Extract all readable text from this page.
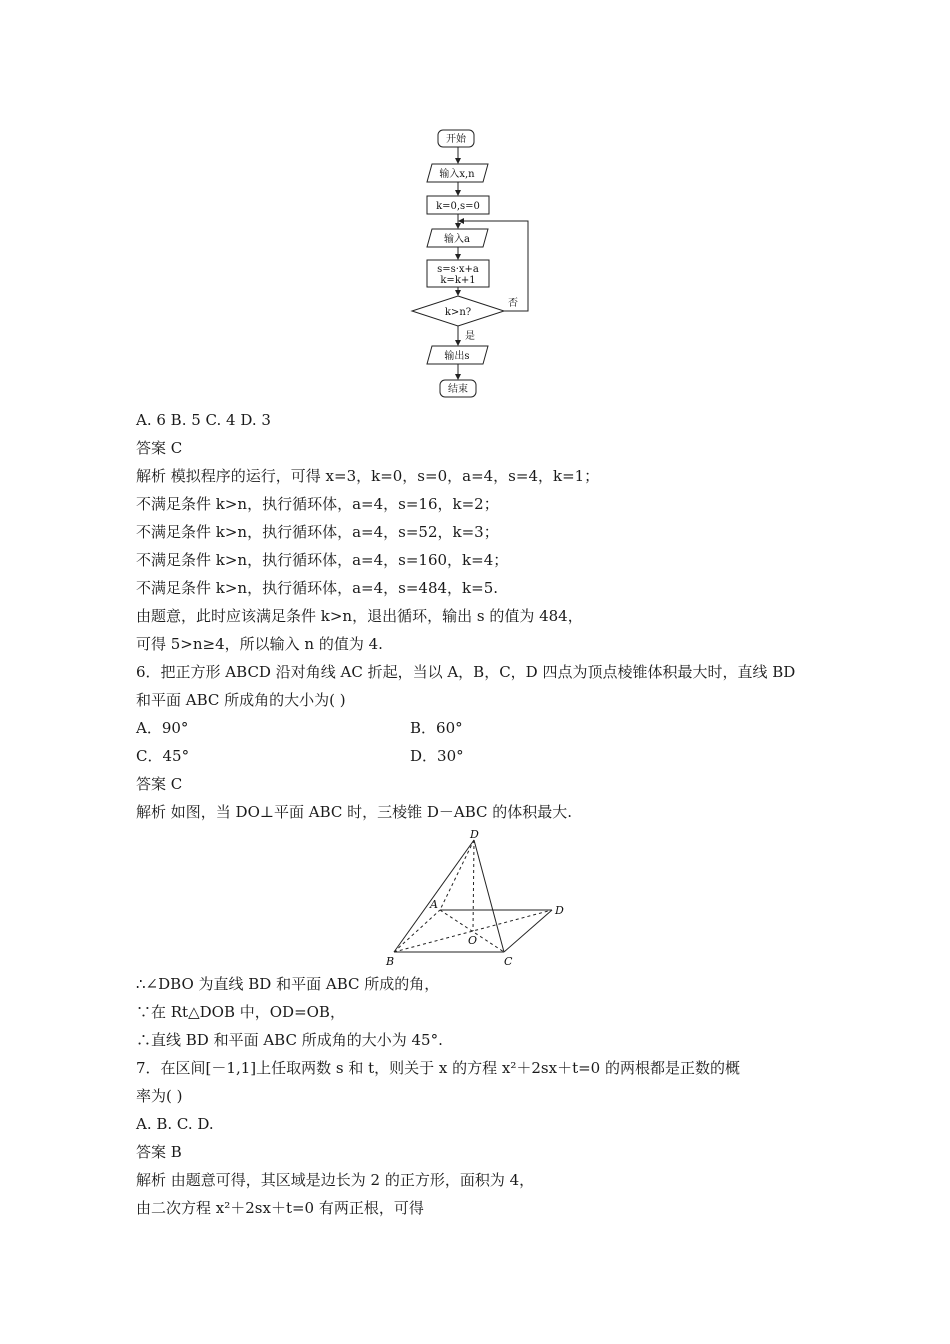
开始
输入x,n
k=0,s=0
输入a
s=s·x+a
k=k+1
k>n?
否
是
输出s
结束
A. 6 B. 5 C. 4 D. 3
答案 C
解析 模拟程序的运行，可得 x=3，k=0，s=0，a=4，s=4，k=1；
不满足条件 k>n，执行循环体，a=4，s=16，k=2；
不满足条件 k>n，执行循环体，a=4，s=52，k=3；
不满足条件 k>n，执行循环体，a=4，s=160，k=4；
不满足条件 k>n，执行循环体，a=4，s=484，k=5.
由题意，此时应该满足条件 k>n，退出循环，输出 s 的值为 484，
可得 5>n≥4，所以输入 n 的值为 4.
6．把正方形 ABCD 沿对角线 AC 折起，当以 A，B，C，D 四点为顶点棱锥体积最大时，直线 BD
和平面 ABC 所成角的大小为( )
A．90°	B．60°
C．45°	D．30°
答案 C
解析 如图，当 DO⊥平面 ABC 时，三棱锥 D－ABC 的体积最大.
D
A	D
O
B	C
∴∠DBO 为直线 BD 和平面 ABC 所成的角，
∵在 Rt△DOB 中，OD=OB，
∴直线 BD 和平面 ABC 所成角的大小为 45°.
7．在区间[－1,1]上任取两数 s 和 t，则关于 x 的方程 x²＋2sx＋t=0 的两根都是正数的概
率为( )
A. B. C. D.
答案 B
解析 由题意可得，其区域是边长为 2 的正方形，面积为 4，
由二次方程 x²＋2sx＋t=0 有两正根，可得
